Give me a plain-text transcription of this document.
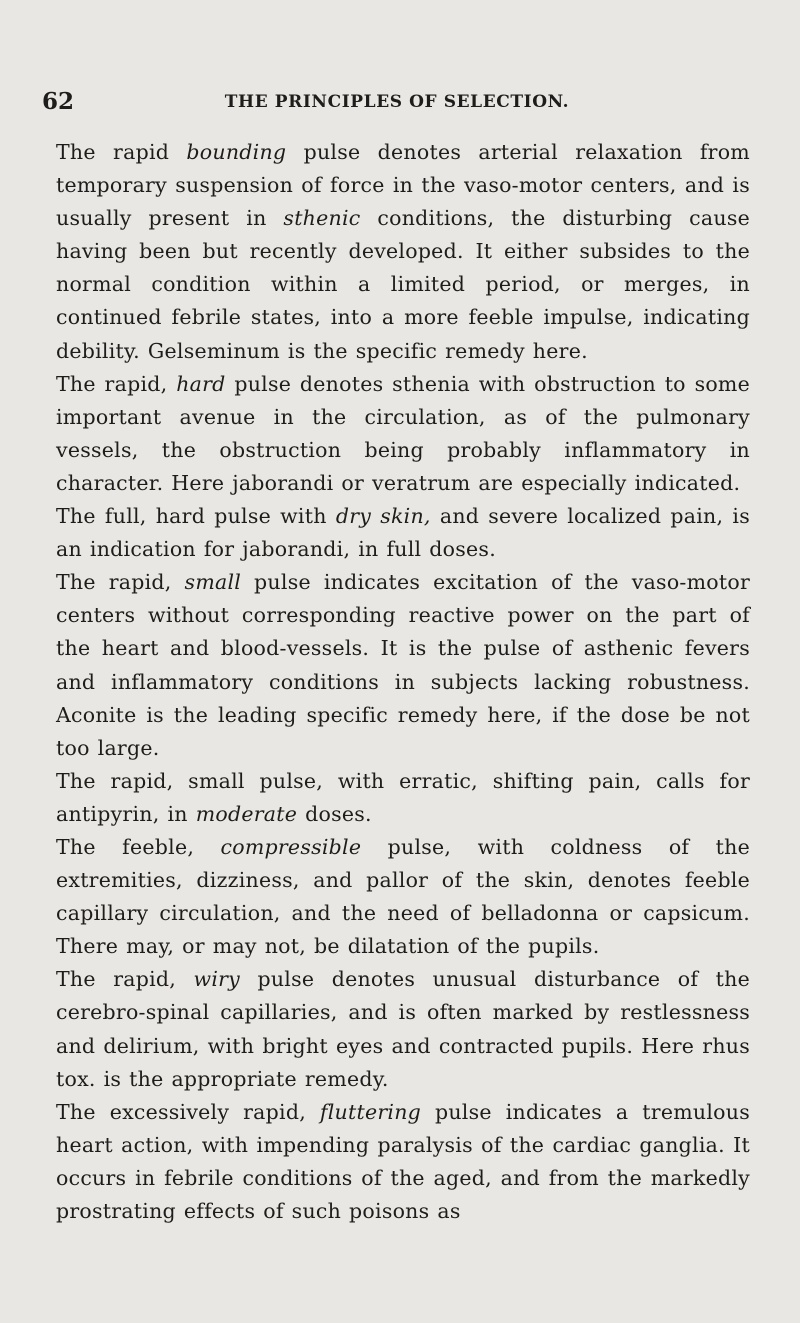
62	THE PRINCIPLES OF SELECTION.

The rapid bounding pulse denotes arterial relaxation from temporary suspension of force in the vaso-motor centers, and is usually present in sthenic conditions, the disturbing cause having been but recently developed. It either subsides to the normal condition within a limited period, or merges, in continued febrile states, into a more feeble impulse, indicating debility. Gelseminum is the specific remedy here.

The rapid, hard pulse denotes sthenia with obstruction to some important avenue in the circulation, as of the pulmonary vessels, the obstruction being probably inflammatory in character. Here jaborandi or veratrum are especially indicated.

The full, hard pulse with dry skin, and severe localized pain, is an indication for jaborandi, in full doses.

The rapid, small pulse indicates excitation of the vaso-motor centers without corresponding reactive power on the part of the heart and blood-vessels. It is the pulse of asthenic fevers and inflammatory conditions in subjects lacking robustness. Aconite is the leading specific remedy here, if the dose be not too large.

The rapid, small pulse, with erratic, shifting pain, calls for antipyrin, in moderate doses.

The feeble, compressible pulse, with coldness of the extremities, dizziness, and pallor of the skin, denotes feeble capillary circulation, and the need of belladonna or capsicum. There may, or may not, be dilatation of the pupils.

The rapid, wiry pulse denotes unusual disturbance of the cerebro-spinal capillaries, and is often marked by restlessness and delirium, with bright eyes and contracted pupils. Here rhus tox. is the appropriate remedy.

The excessively rapid, fluttering pulse indicates a tremulous heart action, with impending paralysis of the cardiac ganglia. It occurs in febrile conditions of the aged, and from the markedly prostrating effects of such poisons as
